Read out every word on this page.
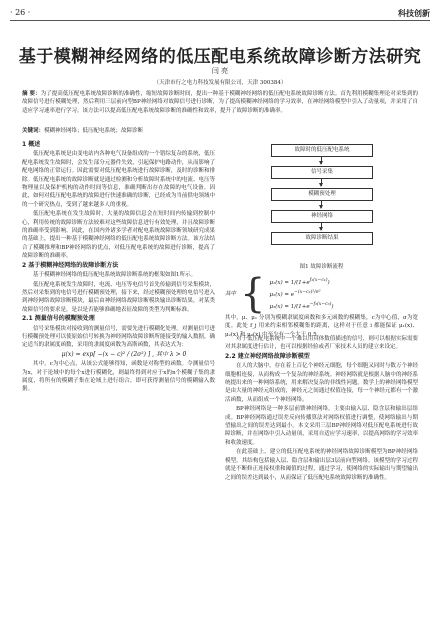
· 26 ·	科技创新
基于模糊神经网络的低压配电系统故障诊断方法研究
闫 亮
（天津市行之电力科技发展有限公司，天津 300384）
摘 要：为了提高低压配电系统故障诊断的准确性，缩短故障诊断时间，提出一种基于模糊神经网络的低压配电系统故障诊断方法。首先利用模糊集理论对采集到的故障信号进行模糊处理，然后利用三层前向型BP神经网络对故障信号进行诊断，为了提高模糊神经网络的学习效率，在神经网络模型中引入了动量项，并采用了自适应学习速率进行学习。该方法可以提高低压配电系统故障诊断的准确性和效率，提升了故障诊断的准确率。
关键词：模糊神经网络；低压配电系统；故障诊断
1 概述

低压配电系统是由变电站内各种电气设备组成的一个错综复杂的系统，低压配电系统发生故障时，会发生部分元器件失效，引起保护电路动作，从而影响了配电网络的正常运行。因此需要对低压配电系统进行故障诊断，及时的诊断和排除。低压配电系统的故障诊断就是通过检测和分析故障时系统中的电流、电压等物理量以及保护机构的动作时间等信息，准确判断出存在故障的电气设备。因此，如何对低压配电系统的故障进行快速准确的诊断，已经成为当前供电领域中的一个研究热点，受到了越来越多人的重视。

低压配电系统在发生故障时，大量的故障信息会在短时间内传输到控制中心，利用传统的故障诊断方法较难对这些故障信息进行有效处理，并且故障诊断的准确率受到影响。因此，在国内外诸多学者对配电系统故障诊断领域研究成果的基础上，提出一种基于模糊神经网络的低压配电系统故障诊断方法。该方法结合了模糊推理和BP神经网络的优点，对低压配电系统的故障进行诊断，提高了故障诊断的准确率。

2 基于模糊神经网络的故障诊断方法

基于模糊神经网络的低压配电系统故障诊断系统的框架如图1所示。

低压配电系统发生故障时，电流、电压等电信号首先传输到信号采集模块，然后对采集到的电信号进行模糊预处理，接下来，经过模糊预处理的电信号进入到神经网络故障诊断模块，最后由神经网络故障诊断模块输出诊断结果，对某类故障信号的要求是，是以是否能够准确地表征故障的类型为判断标准。

2.1 测量信号的模糊预处理

信号采集模块对接收到的测量信号，需要先进行模糊化处理。对测量信号进行模糊预处理可以使原始信号转换为神经网络故障诊断所能接受的输入数据，确定适当的隶属度函数，采用的隶属度函数为高斯函数，其表达式为：

μ(x) = exp[ −(x − c)² / (2σ²) ] , 其中 λ > 0

其中，c为中心点，从该公式能够得知，函数是对称型的函数。令测量信号为x，对于论域中的每个x进行模糊化，则最终得到对应于x的n个模糊子集的隶属度，将所有的模糊子集在论域上进行组合，即可获得测量信号的模糊输入数据。

故障时的低压配电系统
信号采集
模糊预处理
神经网络
故障诊断结果
图1 故障诊断流程
其中 { $\mu_1(x) = 1/(1+e^{f_1(x-c_1)})$
$\mu_2(x) = e^{-(x-c_2)^2/\sigma^2}$
$\mu_3(x) = 1/(1+e^{-f_3(x-c_3)})$
其中，μ、μ₁ 分别为模糊隶属度函数和多元函数的模糊集，c为中心值，σ为宽度。此处 f_j 用来约束相邻模糊集的距离，这样对于任意 i 都能保证 μ₁(x)、μ₂(x) 和 μ₃(x) 中至少有一个大于 0.5。

对于低压配电系统中一个难以用具体数值描述的信号，则可以根据实际需要对其隶属度进行估计，也可以根据经验或者厂家技术人员的建立来设定。

2.2 建立神经网络故障诊断模型

在人的大脑中，存在着上百亿个神经元细胞，每个细胞又同时与数万个神经细胞相连接，从而构成一个复杂的神经系统。神经网络就是根据人脑中的神经系统提出来的一种网络系统，用来解决复杂的非线性问题。数学上的神经网络模型是由大量的神经元组成的，神经元之间通过权值连接，每一个神经元都有一个激活函数，从而组成一个神经网络。

BP神经网络是一种多层前馈神经网络，主要由输入层、隐含层和输出层组成。BP神经网络通过误差反向传播算法对网络权值进行调整，使网络输出与期望输出之间的误差达到最小。本文采用三层BP神经网络对低压配电系统进行故障诊断，并在网络中引入动量项，采用自适应学习速率，以提高网络的学习效率和收敛速度。

在此基础上，建立的低压配电系统的神经网络故障诊断模型为BP神经网络模型，其结构包括输入层、隐含层和输出层3层前向型网络。该模型的学习过程就是不断修正连接权重和阈值的过程，通过学习，使网络的实际输出与期望输出之间的误差达到最小，从而保证了低压配电系统故障诊断的准确性。
